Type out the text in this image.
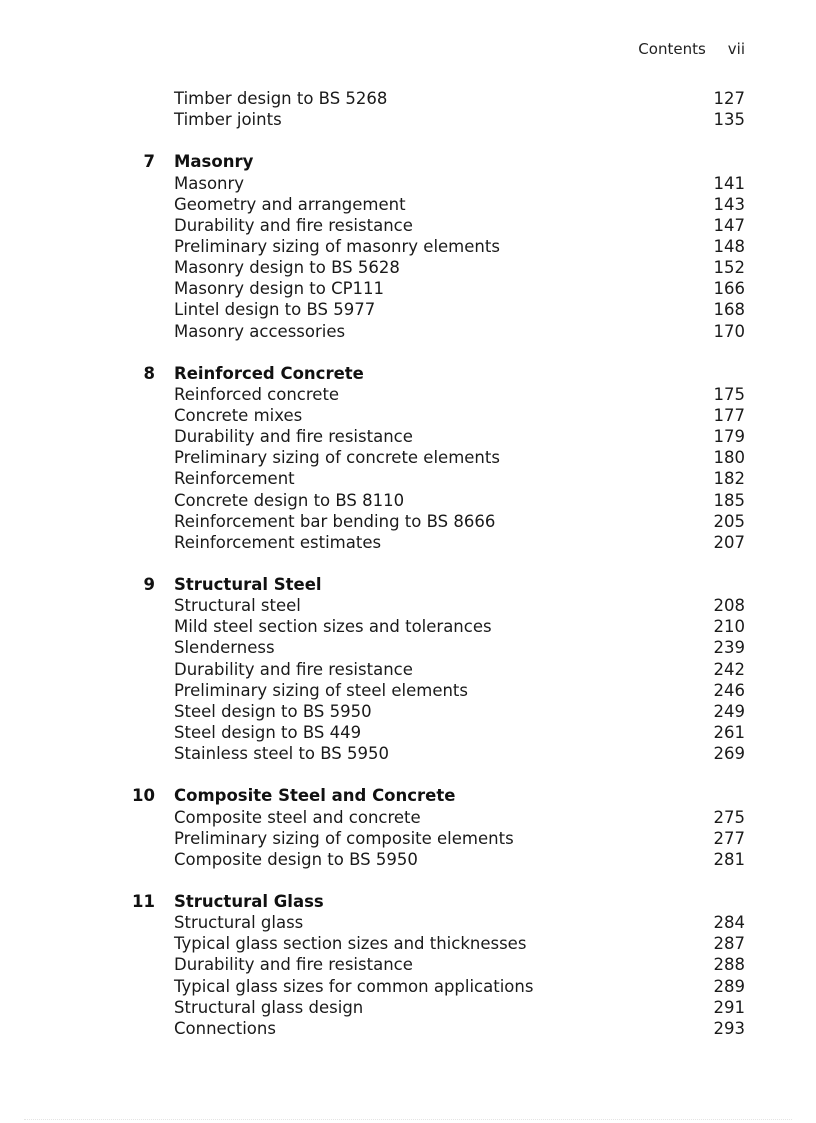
Contents vii
Timber design to BS 5268	127
Timber joints	135
7 Masonry
Masonry	141
Geometry and arrangement	143
Durability and fire resistance	147
Preliminary sizing of masonry elements	148
Masonry design to BS 5628	152
Masonry design to CP111	166
Lintel design to BS 5977	168
Masonry accessories	170
8 Reinforced Concrete
Reinforced concrete	175
Concrete mixes	177
Durability and fire resistance	179
Preliminary sizing of concrete elements	180
Reinforcement	182
Concrete design to BS 8110	185
Reinforcement bar bending to BS 8666	205
Reinforcement estimates	207
9 Structural Steel
Structural steel	208
Mild steel section sizes and tolerances	210
Slenderness	239
Durability and fire resistance	242
Preliminary sizing of steel elements	246
Steel design to BS 5950	249
Steel design to BS 449	261
Stainless steel to BS 5950	269
10 Composite Steel and Concrete
Composite steel and concrete	275
Preliminary sizing of composite elements	277
Composite design to BS 5950	281
11 Structural Glass
Structural glass	284
Typical glass section sizes and thicknesses	287
Durability and fire resistance	288
Typical glass sizes for common applications	289
Structural glass design	291
Connections	293
